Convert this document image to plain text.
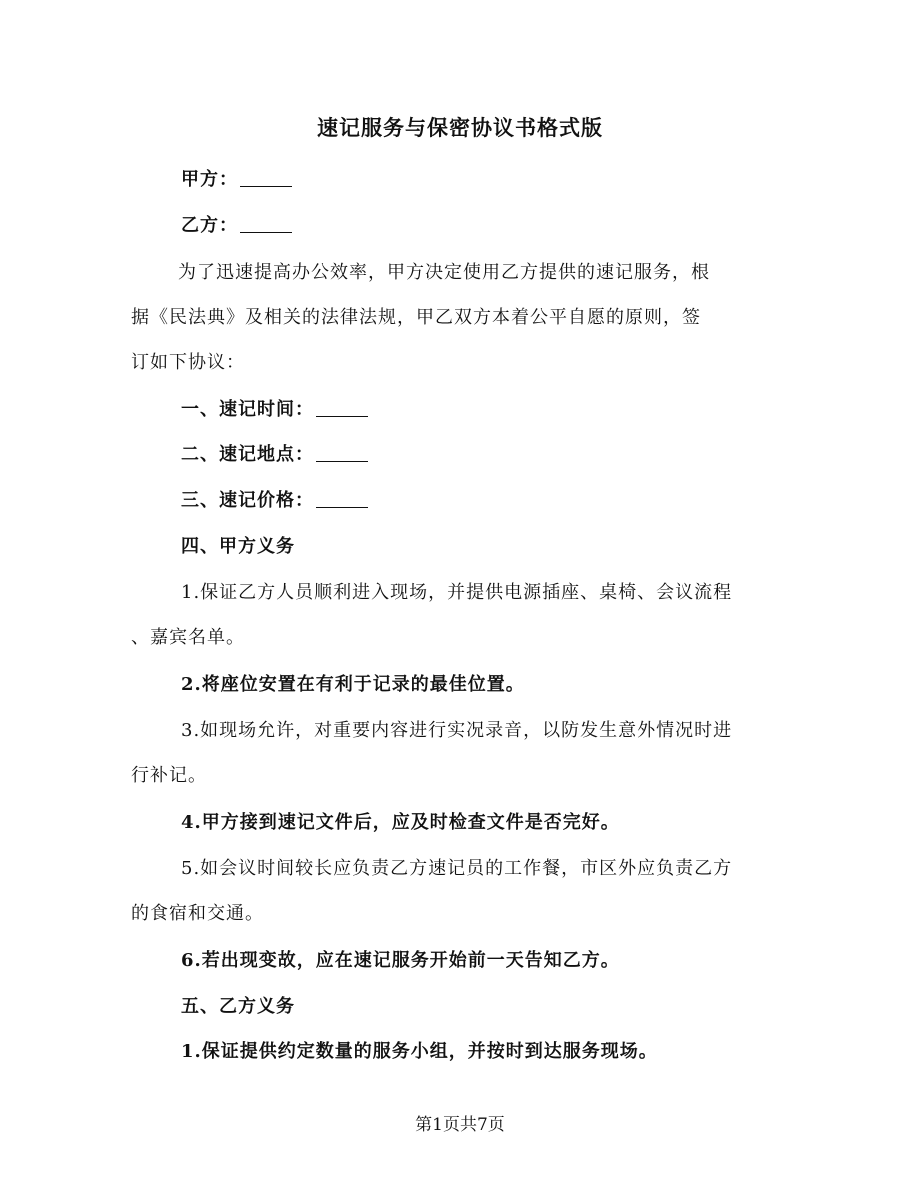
速记服务与保密协议书格式版
甲方：
乙方：
为了迅速提高办公效率，甲方决定使用乙方提供的速记服务，根
据《民法典》及相关的法律法规，甲乙双方本着公平自愿的原则，签
订如下协议：
一、速记时间：
二、速记地点：
三、速记价格：
四、甲方义务
1.保证乙方人员顺利进入现场，并提供电源插座、桌椅、会议流程
、嘉宾名单。
2.将座位安置在有利于记录的最佳位置。
3.如现场允许，对重要内容进行实况录音，以防发生意外情况时进
行补记。
4.甲方接到速记文件后，应及时检查文件是否完好。
5.如会议时间较长应负责乙方速记员的工作餐，市区外应负责乙方
的食宿和交通。
6.若出现变故，应在速记服务开始前一天告知乙方。
五、乙方义务
1.保证提供约定数量的服务小组，并按时到达服务现场。
第1页共7页
